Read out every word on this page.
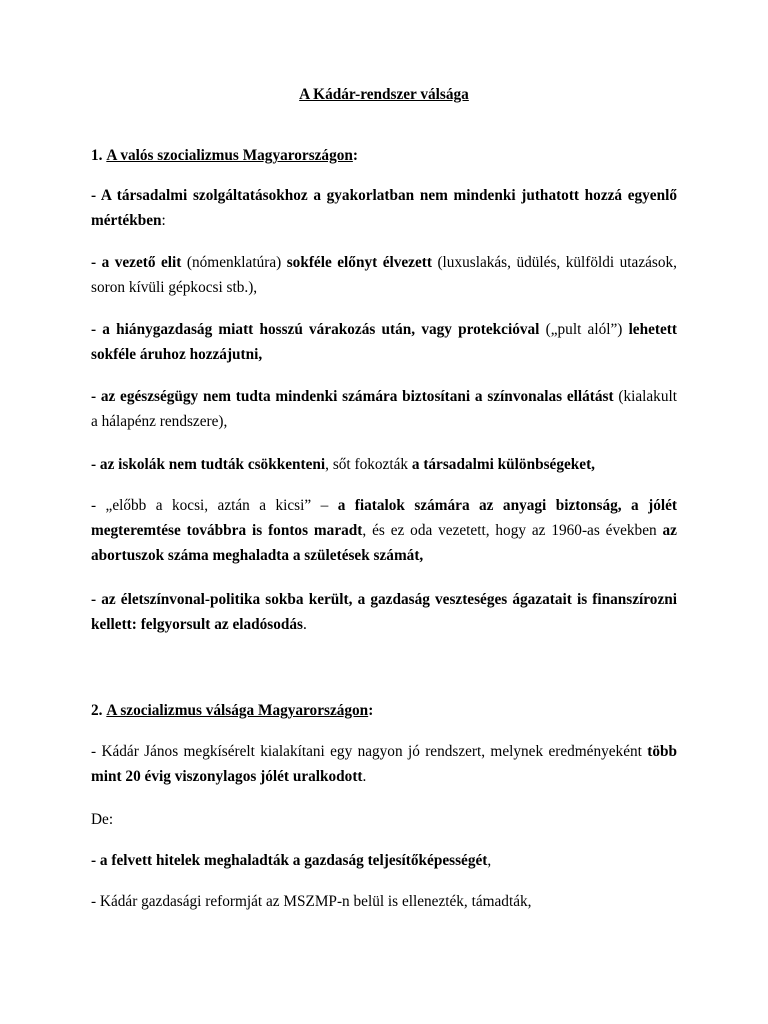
A Kádár-rendszer válsága
1. A valós szocializmus Magyarországon:

- A társadalmi szolgáltatásokhoz a gyakorlatban nem mindenki juthatott hozzá egyenlő mértékben:

- a vezető elit (nómenklatúra) sokféle előnyt élvezett (luxuslakás, üdülés, külföldi utazások, soron kívüli gépkocsi stb.),

- a hiánygazdaság miatt hosszú várakozás után, vagy protekcióval („pult alól”) lehetett sokféle áruhoz hozzájutni,

- az egészségügy nem tudta mindenki számára biztosítani a színvonalas ellátást (kialakult a hálapénz rendszere),

- az iskolák nem tudták csökkenteni, sőt fokozták a társadalmi különbségeket,

- „előbb a kocsi, aztán a kicsi” – a fiatalok számára az anyagi biztonság, a jólét megteremtése továbbra is fontos maradt, és ez oda vezetett, hogy az 1960-as években az abortuszok száma meghaladta a születések számát,

- az életszínvonal-politika sokba került, a gazdaság veszteséges ágazatait is finanszírozni kellett: felgyorsult az eladósodás.

2. A szocializmus válsága Magyarországon:

- Kádár János megkísérelt kialakítani egy nagyon jó rendszert, melynek eredményeként több mint 20 évig viszonylagos jólét uralkodott.

De:

- a felvett hitelek meghaladták a gazdaság teljesítőképességét,

- Kádár gazdasági reformját az MSZMP-n belül is ellenezték, támadták,
